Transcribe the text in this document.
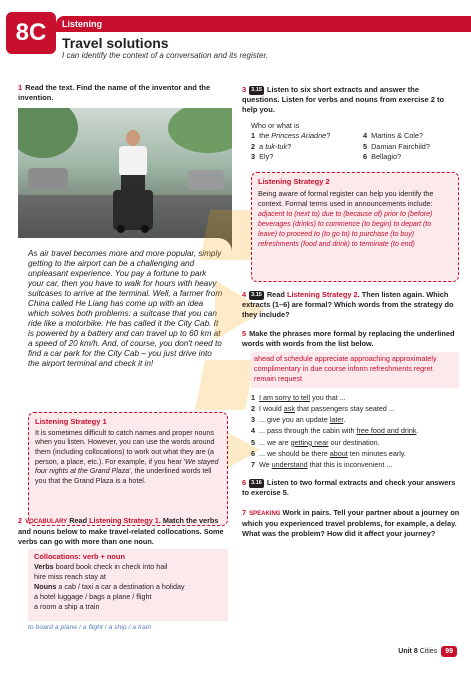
8C	Listening
Travel solutions
I can identify the context of a conversation and its register.
1 Read the text. Find the name of the inventor and the invention.
As air travel becomes more and more popular, simply getting to the airport can be a challenging and unpleasant experience. You pay a fortune to park your car, then you have to walk for hours with heavy suitcases to arrive at the terminal. Well, a farmer from China called He Liang has come up with an idea which solves both problems: a suitcase that you can ride like a motorbike. He has called it the City Cab. It is powered by a battery and can travel up to 60 km at a speed of 20 km/h. And, of course, you don't need to find a car park for the City Cab – you just drive into the airport terminal and check it in!
Listening Strategy 1
It is sometimes difficult to catch names and proper nouns when you listen. However, you can use the words around them (including collocations) to work out what they are (a person, a place, etc.). For example, if you hear 'We stayed four nights at the Grand Plaza', the underlined words tell you that the Grand Plaza is a hotel.
2 VOCABULARY Read Listening Strategy 1. Match the verbs and nouns below to make travel-related collocations. Some verbs can go with more than one noun.
Collocations: verb + noun
Verbs board book check in check into hail
hire miss reach stay at
Nouns a cab / taxi a car a destination a holiday
a hotel luggage / bags a plane / flight
a room a ship a train
to board a plane / a flight / a ship / a train
3 3.15 Listen to six short extracts and answer the questions. Listen for verbs and nouns from exercise 2 to help you.
Who or what is
1 the Princess Ariadne?
2 a tuk-tuk?
3 Ely?
4 Martins & Cole?
5 Damian Fairchild?
6 Bellagio?
Listening Strategy 2
Being aware of formal register can help you identify the context. Formal terms used in announcements include:
adjacent to (next to) due to (because of) prior to (before) beverages (drinks) to commence (to begin) to depart (to leave) to proceed to (to go to) to purchase (to buy) refreshments (food and drink) to terminate (to end)
4 3.15 Read Listening Strategy 2. Then listen again. Which extracts (1–6) are formal? Which words from the strategy do they include?
5 Make the phrases more formal by replacing the underlined words with words from the list below.
ahead of schedule appreciate approaching approximately complimentary in due course inform refreshments regret remain request
1 I am sorry to tell you that ...
2 I would ask that passengers stay seated ...
3 ... give you an update later.
4 ... pass through the cabin with free food and drink.
5 ... we are getting near our destination.
6 ... we should be there about ten minutes early.
7 We understand that this is inconvenient ...
6 3.16 Listen to two formal extracts and check your answers to exercise 5.
7 SPEAKING Work in pairs. Tell your partner about a journey on which you experienced travel problems, for example, a delay. What was the problem? How did it affect your journey?
Unit 8 Cities 99
